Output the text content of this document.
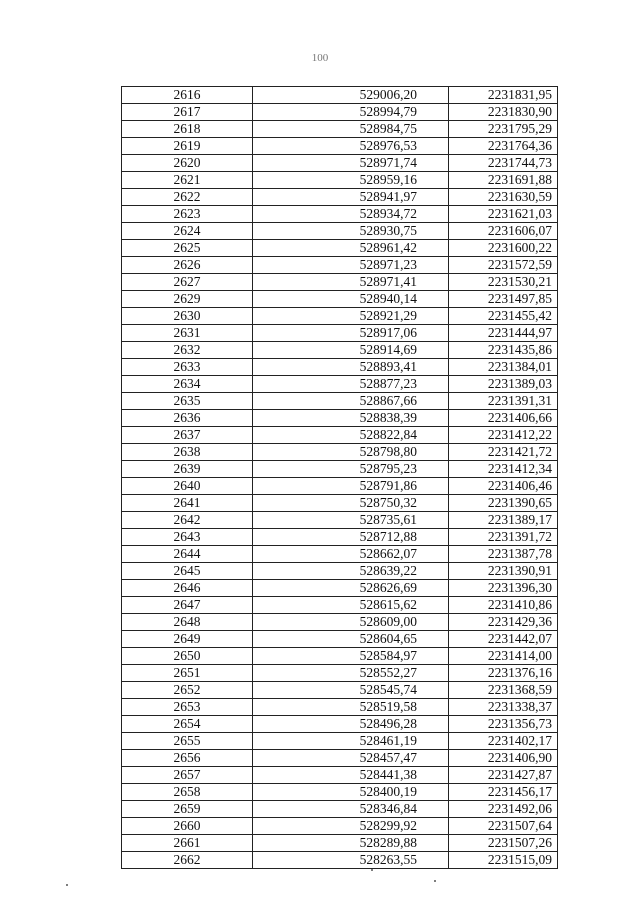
100
2616	529006,20	2231831,95
2617	528994,79	2231830,90
2618	528984,75	2231795,29
2619	528976,53	2231764,36
2620	528971,74	2231744,73
2621	528959,16	2231691,88
2622	528941,97	2231630,59
2623	528934,72	2231621,03
2624	528930,75	2231606,07
2625	528961,42	2231600,22
2626	528971,23	2231572,59
2627	528971,41	2231530,21
2629	528940,14	2231497,85
2630	528921,29	2231455,42
2631	528917,06	2231444,97
2632	528914,69	2231435,86
2633	528893,41	2231384,01
2634	528877,23	2231389,03
2635	528867,66	2231391,31
2636	528838,39	2231406,66
2637	528822,84	2231412,22
2638	528798,80	2231421,72
2639	528795,23	2231412,34
2640	528791,86	2231406,46
2641	528750,32	2231390,65
2642	528735,61	2231389,17
2643	528712,88	2231391,72
2644	528662,07	2231387,78
2645	528639,22	2231390,91
2646	528626,69	2231396,30
2647	528615,62	2231410,86
2648	528609,00	2231429,36
2649	528604,65	2231442,07
2650	528584,97	2231414,00
2651	528552,27	2231376,16
2652	528545,74	2231368,59
2653	528519,58	2231338,37
2654	528496,28	2231356,73
2655	528461,19	2231402,17
2656	528457,47	2231406,90
2657	528441,38	2231427,87
2658	528400,19	2231456,17
2659	528346,84	2231492,06
2660	528299,92	2231507,64
2661	528289,88	2231507,26
2662	528263,55	2231515,09
